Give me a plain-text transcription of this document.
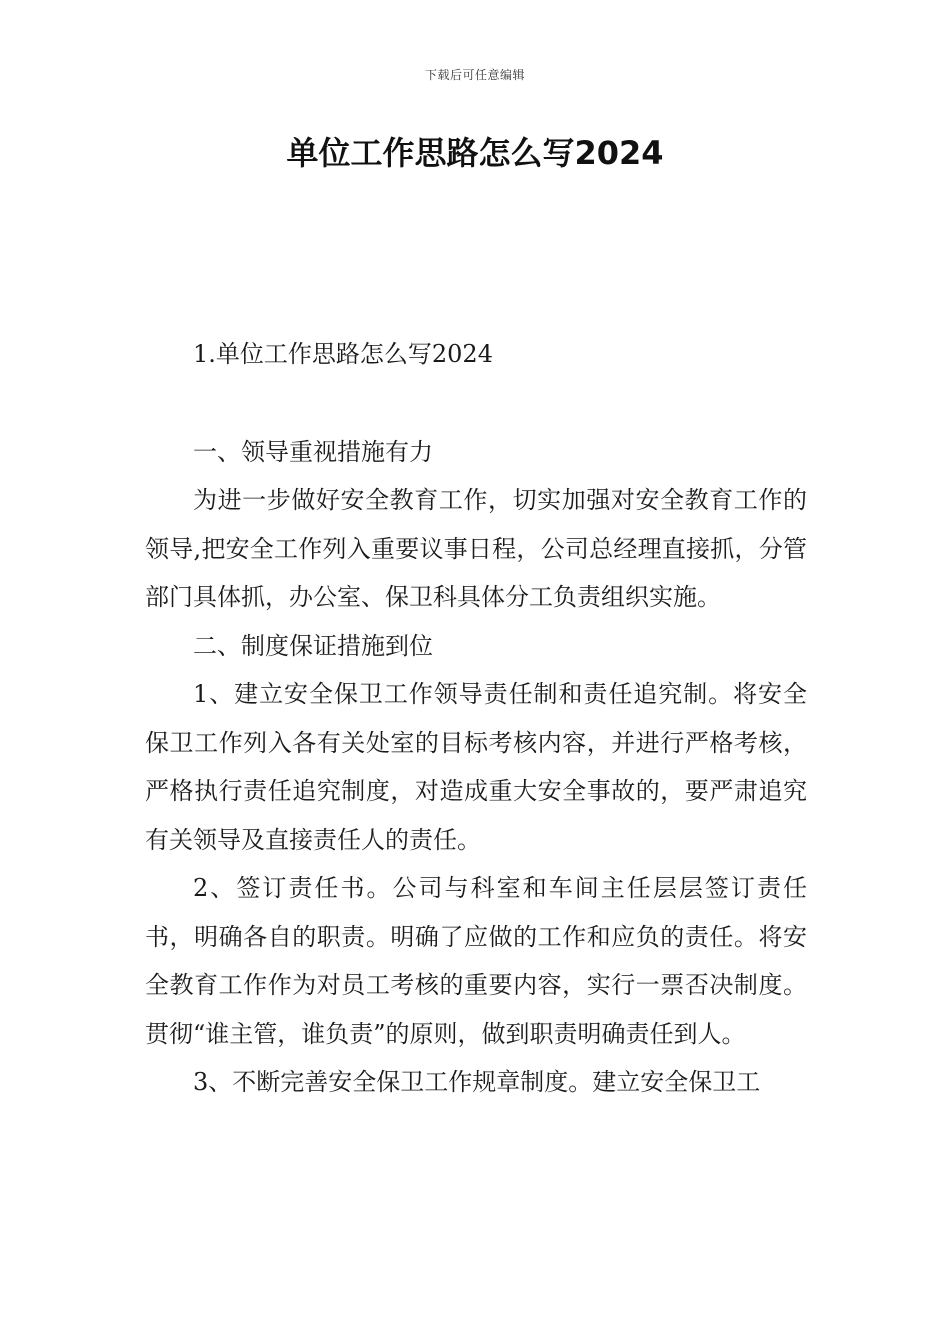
下载后可任意编辑
单位工作思路怎么写2024

1.单位工作思路怎么写2024

一、领导重视措施有力

为进一步做好安全教育工作，切实加强对安全教育工作的领导,把安全工作列入重要议事日程，公司总经理直接抓，分管部门具体抓，办公室、保卫科具体分工负责组织实施。

二、制度保证措施到位

1、建立安全保卫工作领导责任制和责任追究制。将安全保卫工作列入各有关处室的目标考核内容，并进行严格考核，严格执行责任追究制度，对造成重大安全事故的，要严肃追究有关领导及直接责任人的责任。

2、签订责任书。公司与科室和车间主任层层签订责任书，明确各自的职责。明确了应做的工作和应负的责任。将安全教育工作作为对员工考核的重要内容，实行一票否决制度。贯彻“谁主管，谁负责”的原则，做到职责明确责任到人。

3、不断完善安全保卫工作规章制度。建立安全保卫工
